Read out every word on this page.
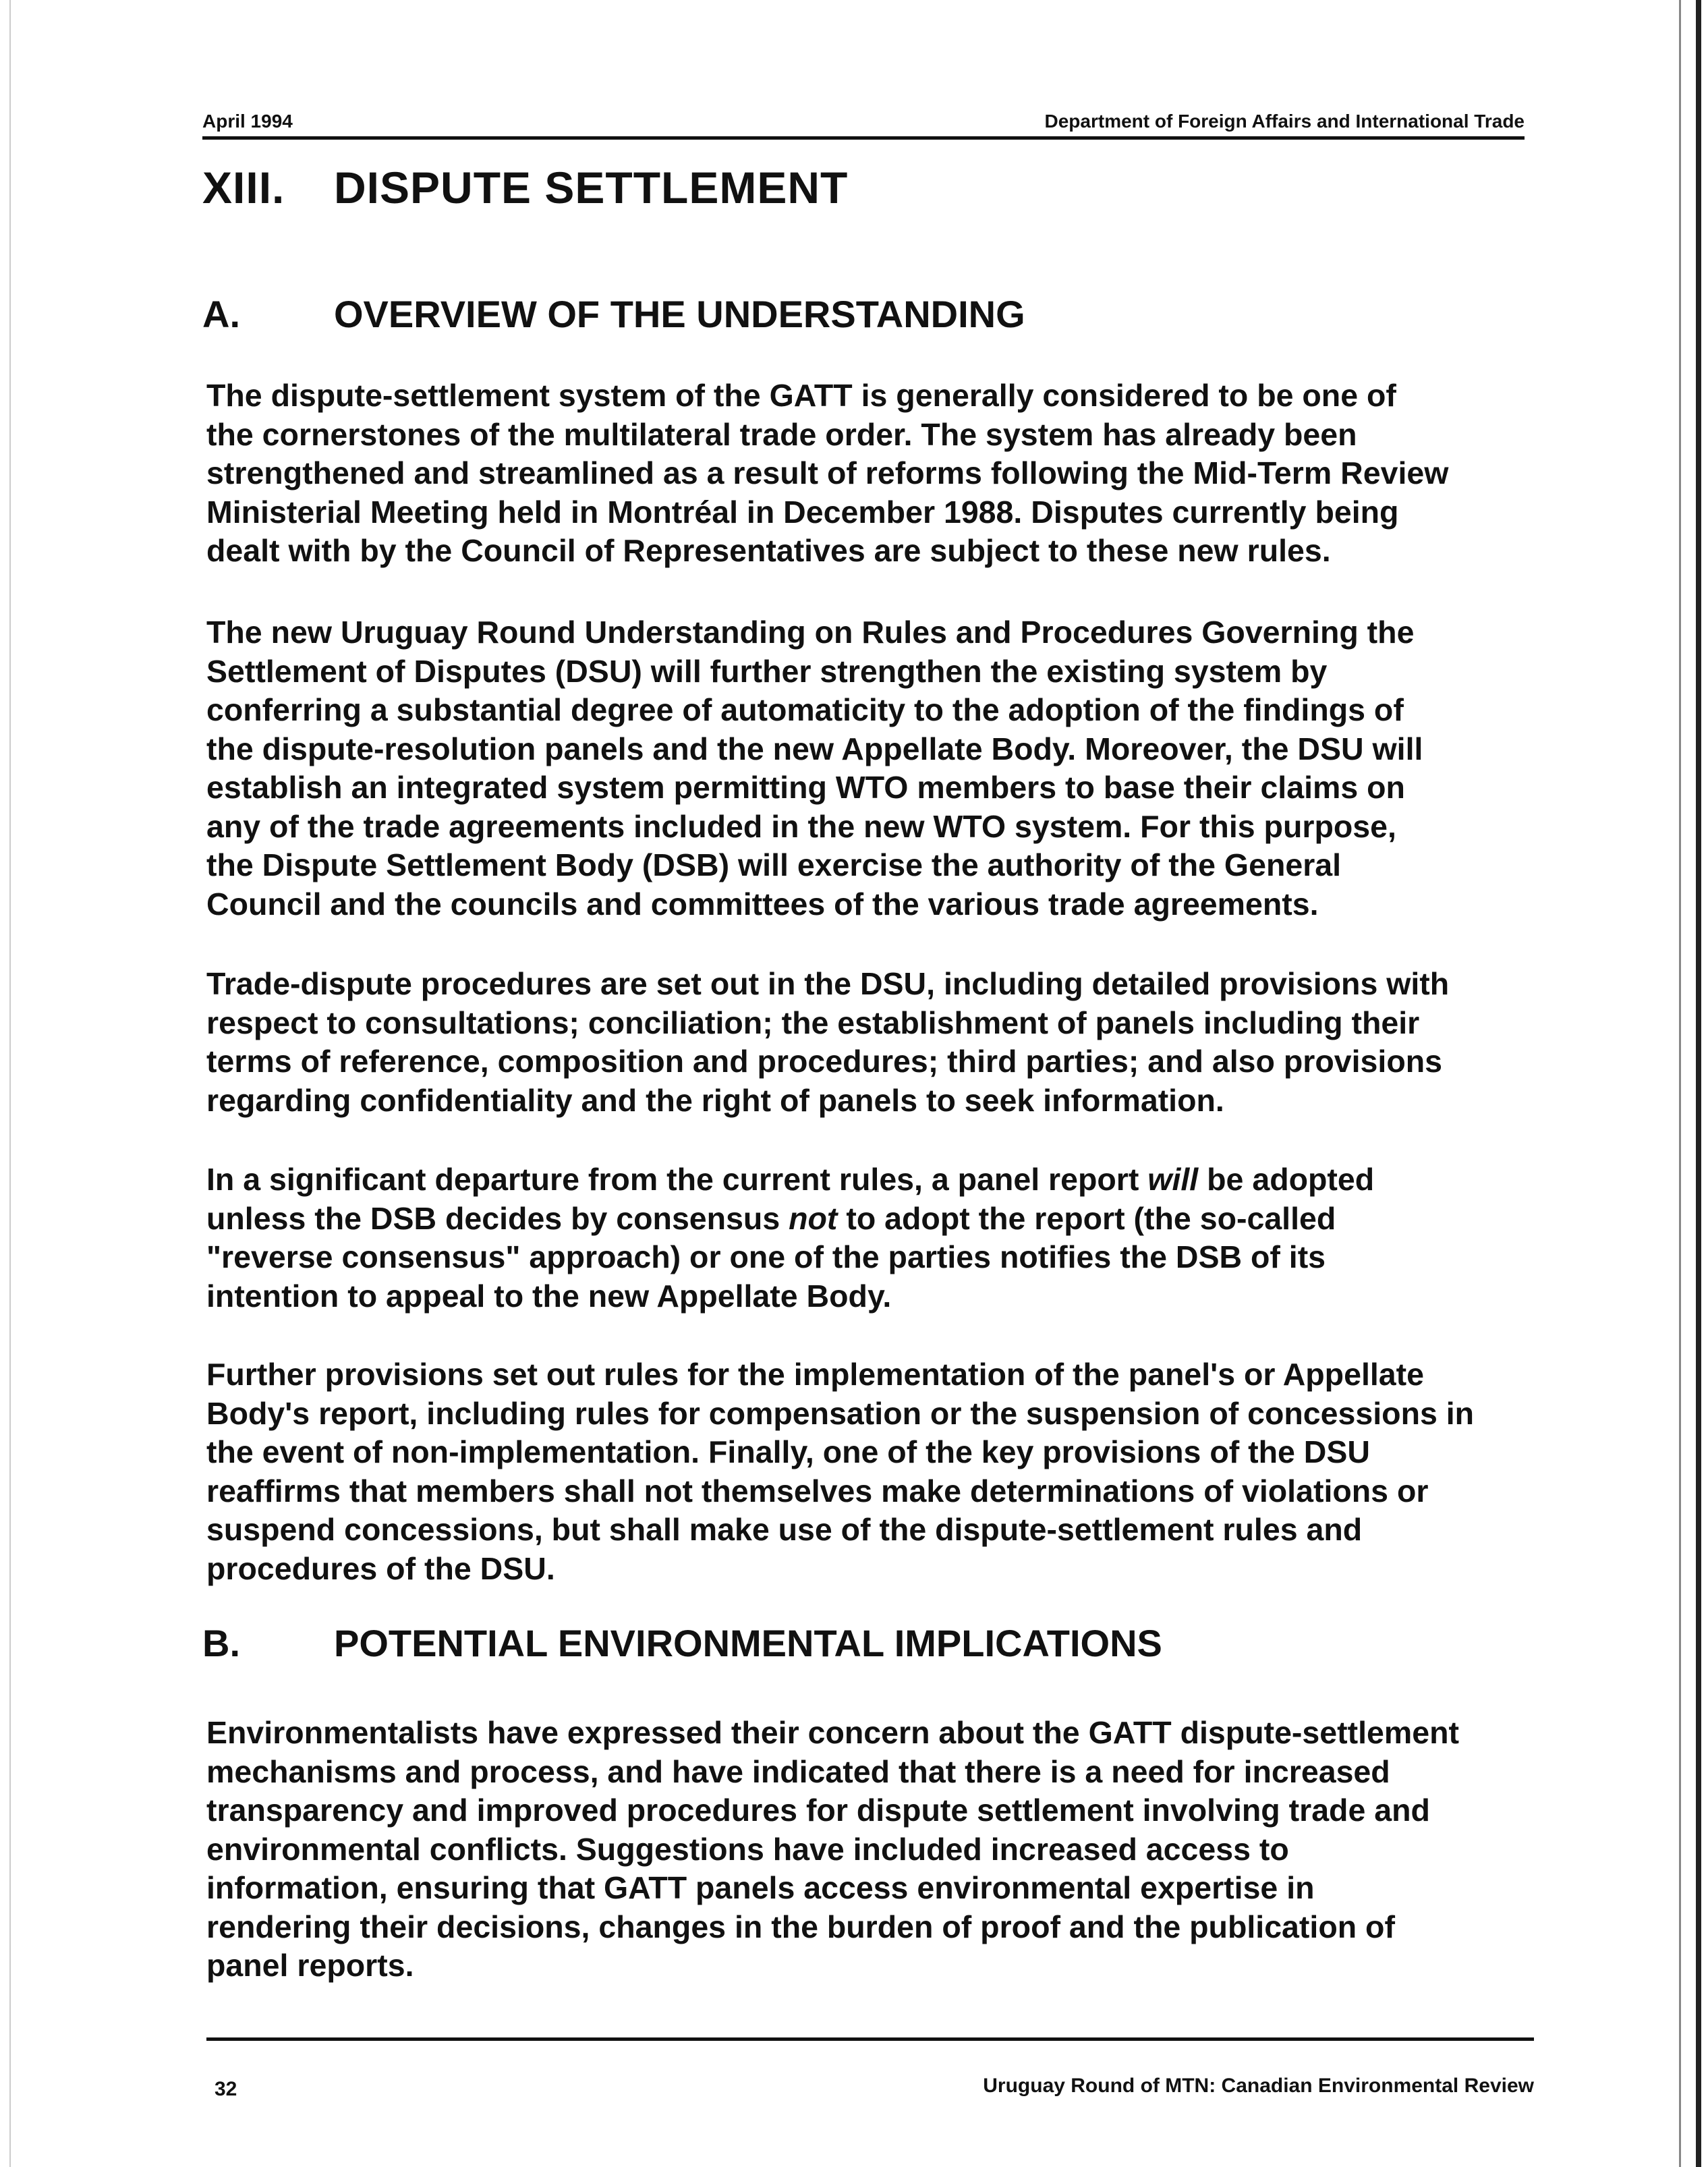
April 1994	Department of Foreign Affairs and International Trade
XIII. DISPUTE SETTLEMENT
A. OVERVIEW OF THE UNDERSTANDING
The dispute-settlement system of the GATT is generally considered to be one of
the cornerstones of the multilateral trade order. The system has already been
strengthened and streamlined as a result of reforms following the Mid-Term Review
Ministerial Meeting held in Montréal in December 1988. Disputes currently being
dealt with by the Council of Representatives are subject to these new rules.
The new Uruguay Round Understanding on Rules and Procedures Governing the
Settlement of Disputes (DSU) will further strengthen the existing system by
conferring a substantial degree of automaticity to the adoption of the findings of
the dispute-resolution panels and the new Appellate Body. Moreover, the DSU will
establish an integrated system permitting WTO members to base their claims on
any of the trade agreements included in the new WTO system. For this purpose,
the Dispute Settlement Body (DSB) will exercise the authority of the General
Council and the councils and committees of the various trade agreements.
Trade-dispute procedures are set out in the DSU, including detailed provisions with
respect to consultations; conciliation; the establishment of panels including their
terms of reference, composition and procedures; third parties; and also provisions
regarding confidentiality and the right of panels to seek information.
In a significant departure from the current rules, a panel report will be adopted
unless the DSB decides by consensus not to adopt the report (the so-called
"reverse consensus" approach) or one of the parties notifies the DSB of its
intention to appeal to the new Appellate Body.
Further provisions set out rules for the implementation of the panel's or Appellate
Body's report, including rules for compensation or the suspension of concessions in
the event of non-implementation. Finally, one of the key provisions of the DSU
reaffirms that members shall not themselves make determinations of violations or
suspend concessions, but shall make use of the dispute-settlement rules and
procedures of the DSU.
B. POTENTIAL ENVIRONMENTAL IMPLICATIONS
Environmentalists have expressed their concern about the GATT dispute-settlement
mechanisms and process, and have indicated that there is a need for increased
transparency and improved procedures for dispute settlement involving trade and
environmental conflicts. Suggestions have included increased access to
information, ensuring that GATT panels access environmental expertise in
rendering their decisions, changes in the burden of proof and the publication of
panel reports.
32	Uruguay Round of MTN: Canadian Environmental Review
